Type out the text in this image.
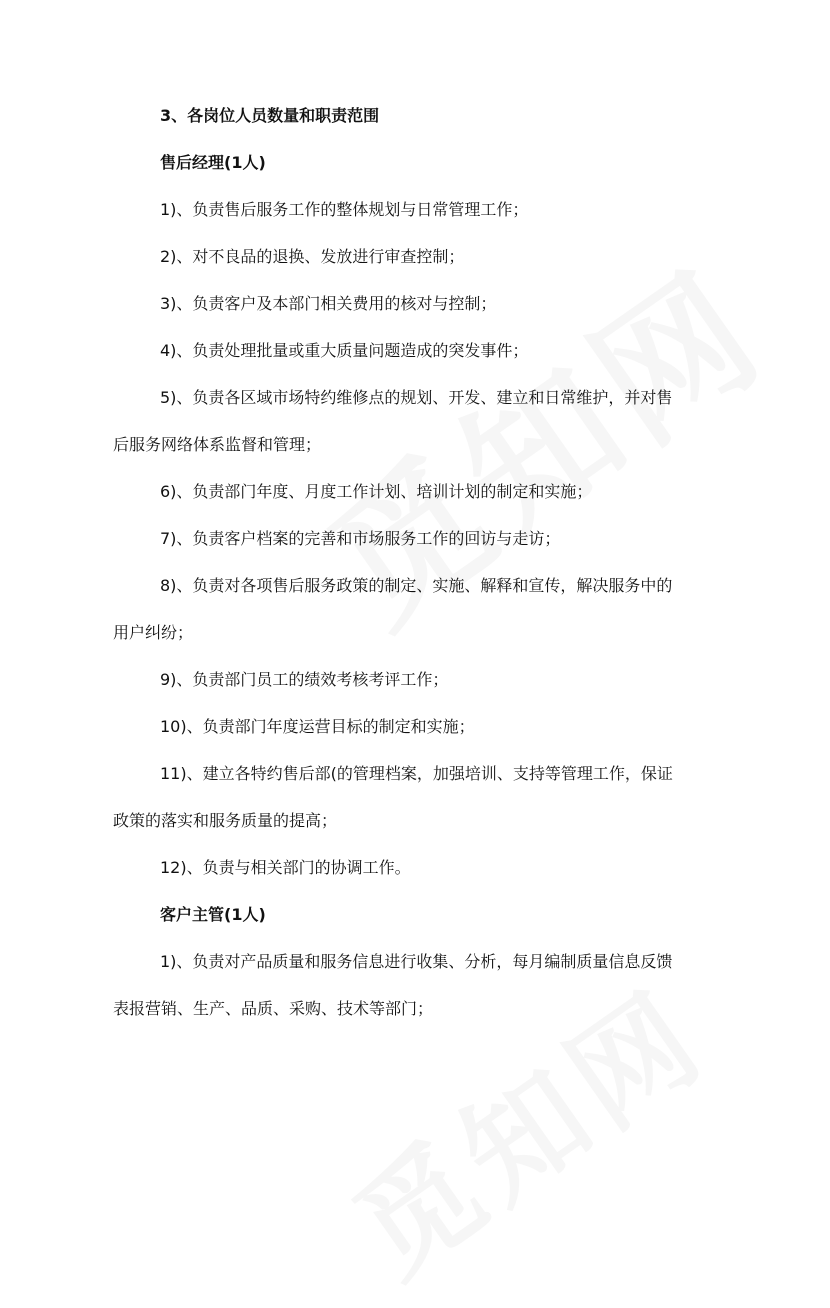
3、各岗位人员数量和职责范围
售后经理(1人)
1)、负责售后服务工作的整体规划与日常管理工作；
2)、对不良品的退换、发放进行审查控制；
3)、负责客户及本部门相关费用的核对与控制；
4)、负责处理批量或重大质量问题造成的突发事件；
5)、负责各区域市场特约维修点的规划、开发、建立和日常维护，并对售
后服务网络体系监督和管理；
6)、负责部门年度、月度工作计划、培训计划的制定和实施；
7)、负责客户档案的完善和市场服务工作的回访与走访；
8)、负责对各项售后服务政策的制定、实施、解释和宣传，解决服务中的
用户纠纷；
9)、负责部门员工的绩效考核考评工作；
10)、负责部门年度运营目标的制定和实施；
11)、建立各特约售后部(的管理档案，加强培训、支持等管理工作，保证
政策的落实和服务质量的提高；
12)、负责与相关部门的协调工作。
客户主管(1人)
1)、负责对产品质量和服务信息进行收集、分析，每月编制质量信息反馈
表报营销、生产、品质、采购、技术等部门；
